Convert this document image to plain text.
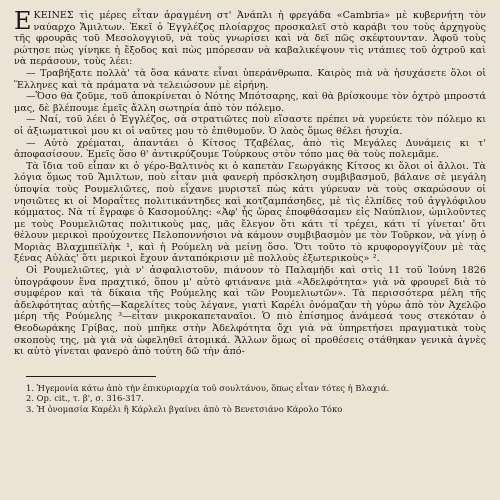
ΕΚΕΙΝΕΣ τὶς μέρες εἶταν ἀραγμένη στ' Ἀνάπλι ἡ φρεγάδα «Cambria» μὲ κυβερνήτη τὸν ναύαρχο Ἄμιλτων. Ἐκεῖ ὁ Ἐγγλέζος πλοίαρχος προσκαλεῖ στὸ καράβι του τοὺς ἀρχηγοὺς τῆς φρουρᾶς τοῦ Μεσολογγιοῦ, νὰ τοὺς γνωρίσει καὶ νὰ δεῖ πῶς σκέφτουνταν. Ἀφοῦ τοὺς ρώτησε πὼς γίνηκε ἡ ἔξοδος καὶ πὼς μπόρεσαν νὰ καβαλικέψουν τὶς ντάπιες τοῦ ὀχτροῦ καὶ νὰ περάσουν, τοὺς λέει:

— Τραβήξατε πολλὰ' τὰ ὅσα κάνατε εἶναι ὑπεράνθρωπα. Καιρὸς πιὰ νὰ ἡσυχάσετε ὅλοι οἱ Ἕλληνες καὶ τὰ πράματα νὰ τελειώσουν μὲ εἰρήνη.

—Ὅσο θὰ ζοῦμε, τοῦ ἀποκρίνεται ὁ Νότης Μπότσαρης, καὶ θὰ βρίσκουμε τὸν ὀχτρὸ μπροστά μας, δὲ βλέπουμε ἐμεῖς ἄλλη σωτηρία ἀπὸ τὸν πόλεμο.

— Ναί, τοῦ λέει ὁ Ἐγγλέζος, σὰ στρατιῶτες ποὺ εἴσαστε πρέπει νὰ γυρεύετε τὸν πόλεμο κι οἱ ἀξιωματικοὶ μου κι οἱ ναῦτες μου τὸ ἐπιθυμοῦν. Ὁ λαὸς ὅμως θέλει ἡσυχία.

— Αὐτὸ χρέμαται, ἀπαντάει ὁ Κίτσος Τζαβέλας, ἀπὸ τὶς Μεγάλες Δυνάμεις κι τ' ἀποφασίσουν. Ἐμεῖς ὅσο θ' ἀντικρύζουμε Τούρκους στὸν τόπο μας θὰ τοὺς πολεμᾶμε.

Τὰ ἴδια τοῦ εἶπαν κι ὁ γέρο-Βαλτινὸς κι ὁ καπετὰν Γεωργάκης Κίτσος κι ὅλοι οἱ ἄλλοι. Τὰ λόγια ὅμως τοῦ Ἄμιλτων, ποὺ εἶταν μιὰ φανερὴ πρόσκληση συμβιβασμοῦ, βάλανε σὲ μεγάλη ὑποψία τοὺς Ρουμελιῶτες, ποὺ εἶχανε μυριστεῖ πὼς κάτι γύρευαν νὰ τοὺς σκαρώσουν οἱ νησιῶτες κι οἱ Μοραΐτες πολιτικάντηδες καὶ κοτζαμπάσηδες, μὲ τὶς ἐλπίδες τοῦ ἀγγλόφιλου κόμματος. Νὰ τί ἔγραφε ὁ Κασομούλης: «Ἀφ' ἧς ὥρας ἐποφθάσαμεν εἰς Ναύπλιον, ὡμιλοῦντες με τοὺς Ρουμελιῶτας πολιτικοὺς μας, μᾶς ἔλεγον ὅτι κάτι τί τρέχει, κάτι τί γίνεται' ὅτι θέλουν μερικοὶ προύχοντες Πελοποννήσιοι νὰ κάμουν συμβιβασμὸν με τὸν Τοῦρκον, νὰ γίνῃ ὁ Μοριὰς Βλαχμπεϊλὴκ ¹, καὶ ἡ Ρούμελη νὰ μείνῃ ὅσο. Ὅτι τοῦτο τὸ κρυφορογγίζουν μὲ τὰς ξένας Αὐλὰς' ὅτι μερικοὶ ἔχουν ἀνταπόκρισιν μὲ πολλοὺς ἐξωτερικοὺς» ².

Οἱ Ρουμελιῶτες, γιὰ ν' ἀσφαλιστοῦν, πιάνουν τὸ Παλαμήδι καὶ στὶς 11 τοῦ Ἰούνη 1826 ὑπογράφουν ἕνα πραχτικό, ὅπου μ' αὐτὸ φτιάνανε μιὰ «Ἀδελφότητα» γιὰ νὰ φρουρεῖ διὰ τὸ συμφέρον καὶ τὰ δίκαια τῆς Ρούμελης καὶ τῶν Ρουμελιωτῶν». Τὰ περισσότερα μέλη τῆς ἀδελφότητας αὐτῆς—Καρελίτες τοὺς λέγανε, γιατὶ Καρέλι ὀνόμαζαν τὴ γύρω ἀπὸ τὸν Ἀχελῷο μέρη τῆς Ρούμελης ³—εἶταν μικροκαπεταναῖοι. Ὁ πιὸ ἐπίσημος ἀνάμεσά τους στεκόταν ὁ Θεοδωράκης Γρίβας, ποὺ μπῆκε στὴν Ἀδελφότητα ὄχι γιὰ νὰ ὑπηρετήσει πραγματικὰ τοὺς σκοποὺς της, μὰ γιὰ νὰ ὠφεληθεῖ ἀτομικά. Ἄλλων ὅμως οἱ προθέσεις στάθηκαν γενικὰ ἁγνὲς κι αὐτὸ γίνεται φανερὸ ἀπὸ τούτη δῶ τὴν ἀπό-

1. Ἡγεμονία κάτω ἀπὸ τὴν ἐπικυριαρχία τοῦ σουλτάνου, ὅπως εἶταν τότες ἡ Βλαχιά.

2. Op. cit., τ. β', σ. 316-317.

3. Ἡ ὀνομασία Καρέλι ἢ Κάρλελι βγαίνει ἀπὸ τὸ Βενετσιάνο Κάρολο Τόκο
